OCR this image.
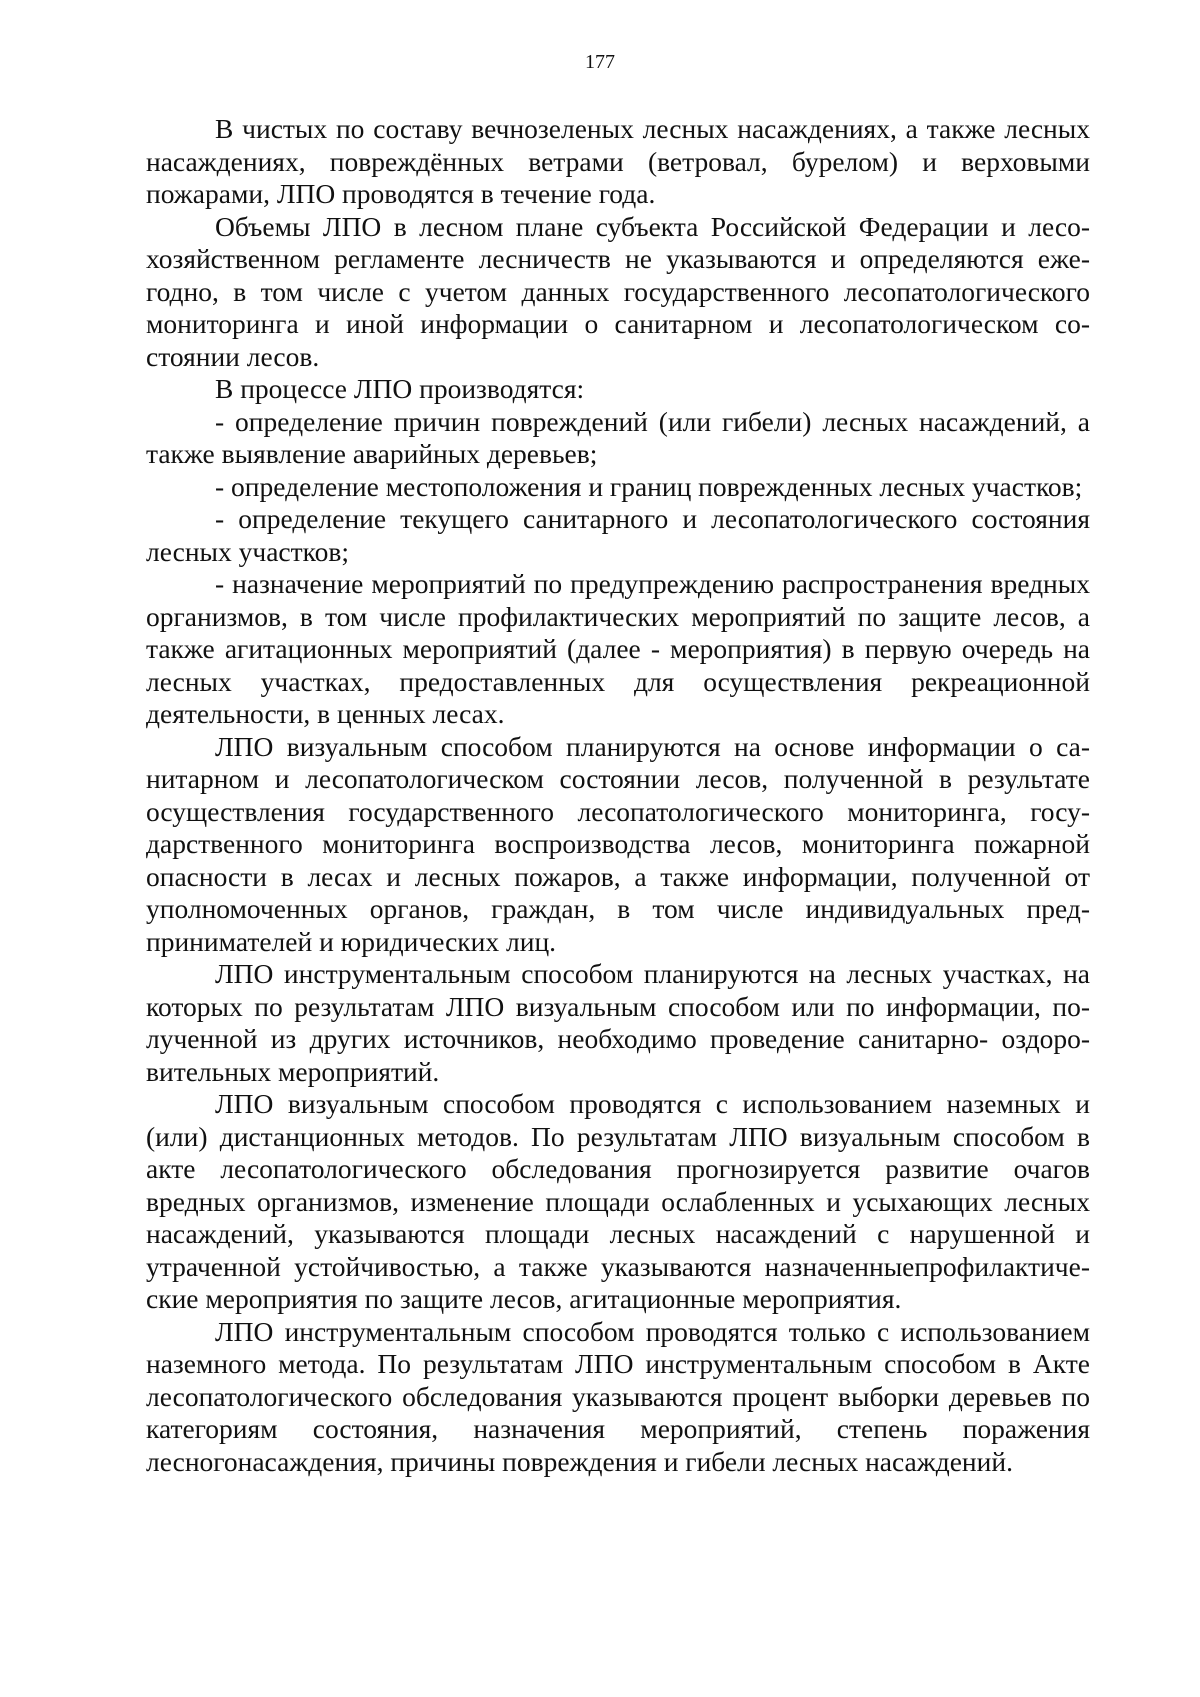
177

В чистых по составу вечнозеленых лесных насаждениях, а также лесных насаждениях, повреждённых ветрами (ветровал, бурелом) и верховыми пожарами, ЛПО проводятся в течение года.

Объемы ЛПО в лесном плане субъекта Российской Федерации и лесохозяйственном регламенте лесничеств не указываются и определяются ежегодно, в том числе с учетом данных государственного лесопатологического мониторинга и иной информации о санитарном и лесопатологическом состоянии лесов.

В процессе ЛПО производятся:

- определение причин повреждений (или гибели) лесных насаждений, а также выявление аварийных деревьев;

- определение местоположения и границ поврежденных лесных участков;

- определение текущего санитарного и лесопатологического состояния лесных участков;

- назначение мероприятий по предупреждению распространения вредных организмов, в том числе профилактических мероприятий по защите лесов, а также агитационных мероприятий (далее - мероприятия) в первую очередь на лесных участках, предоставленных для осуществления рекреационной деятельности, в ценных лесах.

ЛПО визуальным способом планируются на основе информации о санитарном и лесопатологическом состоянии лесов, полученной в результате осуществления государственного лесопатологического мониторинга, государственного мониторинга воспроизводства лесов, мониторинга пожарной опасности в лесах и лесных пожаров, а также информации, полученной от уполномоченных органов, граждан, в том числе индивидуальных предпринимателей и юридических лиц.

ЛПО инструментальным способом планируются на лесных участках, на которых по результатам ЛПО визуальным способом или по информации, полученной из других источников, необходимо проведение санитарно- оздоровительных мероприятий.

ЛПО визуальным способом проводятся с использованием наземных и (или) дистанционных методов. По результатам ЛПО визуальным способом в акте лесопатологического обследования прогнозируется развитие очагов вредных организмов, изменение площади ослабленных и усыхающих лесных насаждений, указываются площади лесных насаждений с нарушенной и утраченной устойчивостью, а также указываются назначенныепрофилактические мероприятия по защите лесов, агитационные мероприятия.

ЛПО инструментальным способом проводятся только с использованием наземного метода. По результатам ЛПО инструментальным способом в Акте лесопатологического обследования указываются процент выборки деревьев по категориям состояния, назначения мероприятий, степень поражения лесногонасаждения, причины повреждения и гибели лесных насаждений.
